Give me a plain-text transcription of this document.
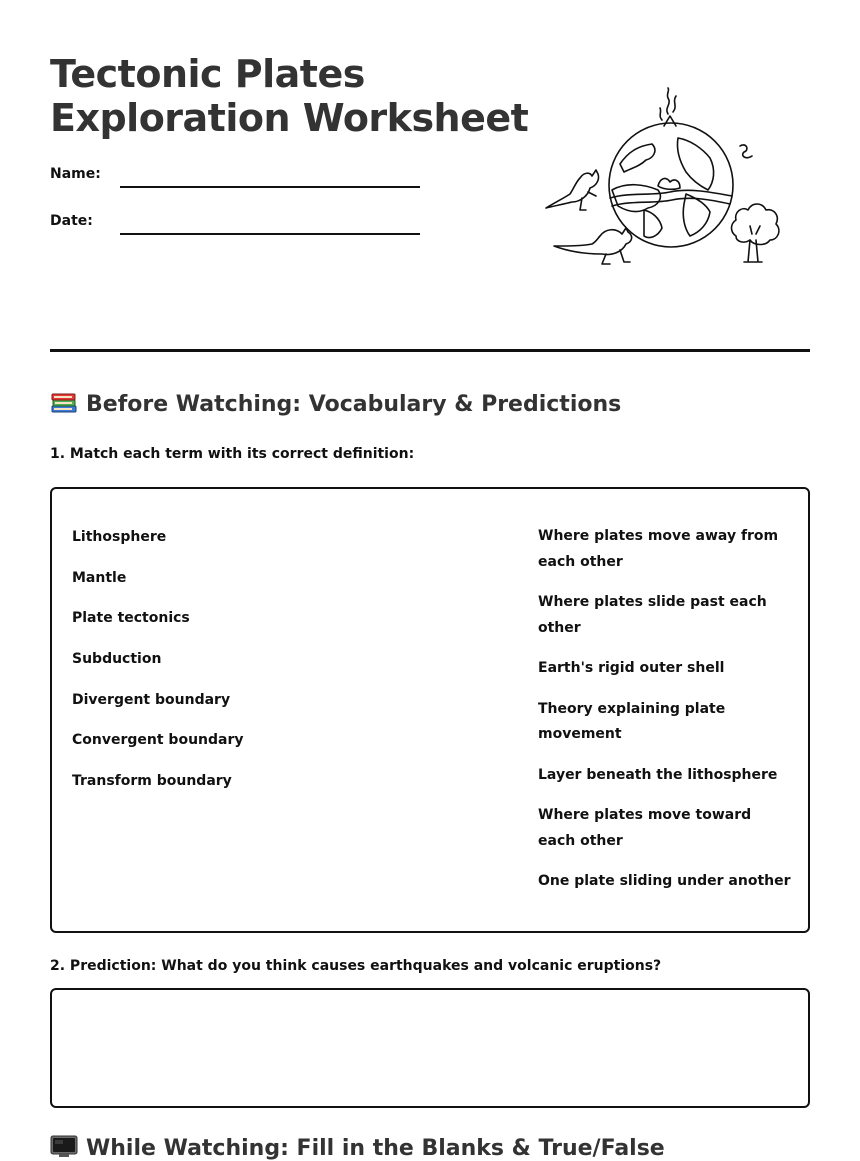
Tectonic Plates
Exploration Worksheet
Name:
Date:
Before Watching: Vocabulary & Predictions
1. Match each term with its correct definition:
Lithosphere
Mantle
Plate tectonics
Subduction
Divergent boundary
Convergent boundary
Transform boundary
Where plates move away from each other
Where plates slide past each other
Earth's rigid outer shell
Theory explaining plate movement
Layer beneath the lithosphere
Where plates move toward each other
One plate sliding under another
2. Prediction: What do you think causes earthquakes and volcanic eruptions?
While Watching: Fill in the Blanks & True/False
